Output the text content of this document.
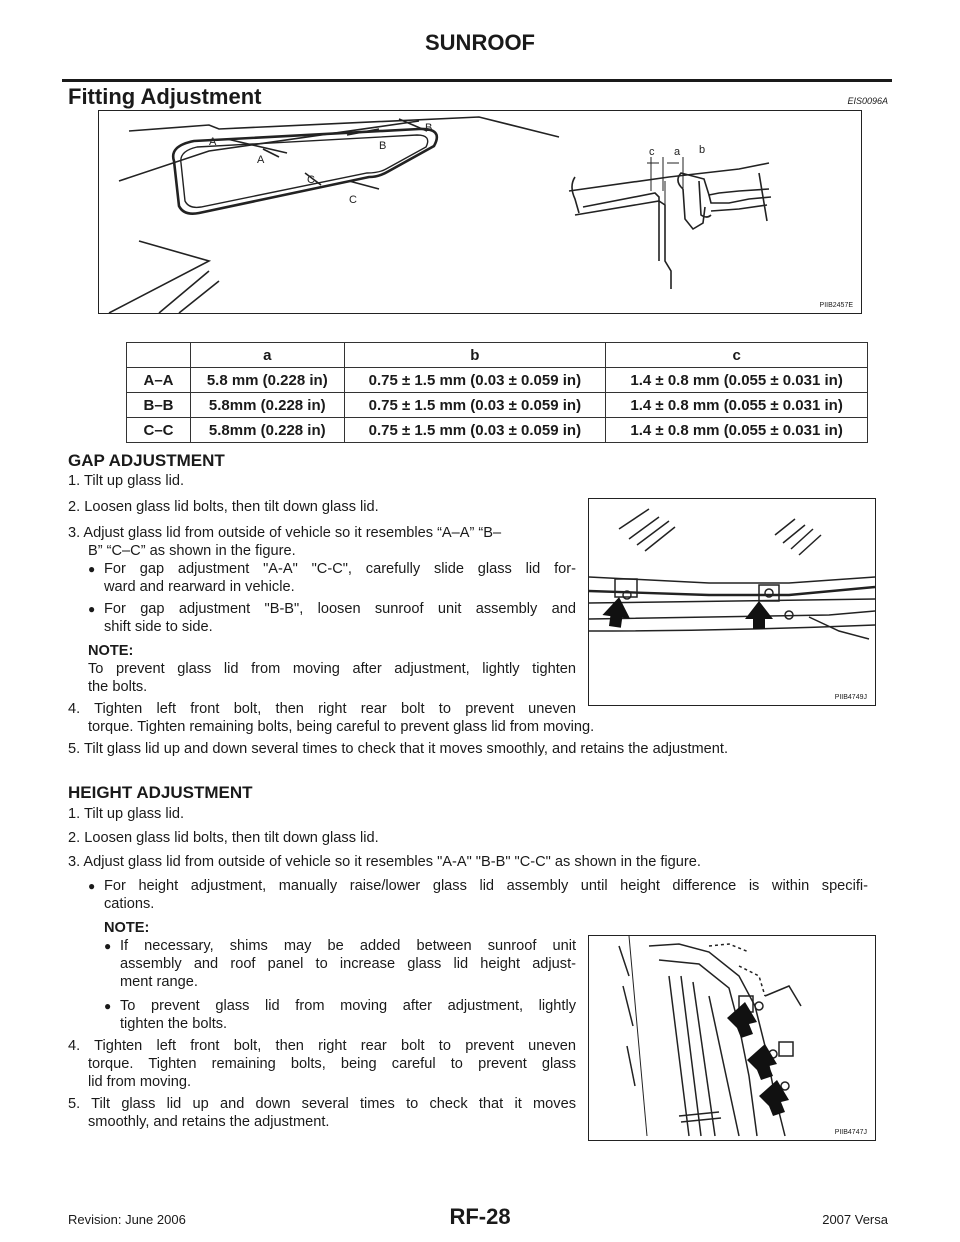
SUNROOF
Fitting Adjustment	EIS0096A
A
A
B
B
C
C
c a b
PIIB2457E
	a	b	c
A–A	5.8 mm (0.228 in)	0.75 ± 1.5 mm (0.03 ± 0.059 in)	1.4 ± 0.8 mm (0.055 ± 0.031 in)
B–B	5.8mm (0.228 in)	0.75 ± 1.5 mm (0.03 ± 0.059 in)	1.4 ± 0.8 mm (0.055 ± 0.031 in)
C–C	5.8mm (0.228 in)	0.75 ± 1.5 mm (0.03 ± 0.059 in)	1.4 ± 0.8 mm (0.055 ± 0.031 in)
GAP ADJUSTMENT
1. Tilt up glass lid.
2. Loosen glass lid bolts, then tilt down glass lid.
3. Adjust glass lid from outside of vehicle so it resembles “A–A” “B–
B” “C–C” as shown in the figure.
● For gap adjustment "A-A" "C-C", carefully slide glass lid for-
ward and rearward in vehicle.
● For gap adjustment "B-B", loosen sunroof unit assembly and
shift side to side.
NOTE:
To prevent glass lid from moving after adjustment, lightly tighten
the bolts.
4. Tighten left front bolt, then right rear bolt to prevent uneven
torque. Tighten remaining bolts, being careful to prevent glass lid from moving.
5. Tilt glass lid up and down several times to check that it moves smoothly, and retains the adjustment.
PIIB4749J
HEIGHT ADJUSTMENT
1. Tilt up glass lid.
2. Loosen glass lid bolts, then tilt down glass lid.
3. Adjust glass lid from outside of vehicle so it resembles "A-A" "B-B" "C-C" as shown in the figure.
● For height adjustment, manually raise/lower glass lid assembly until height difference is within specifi-
cations.
NOTE:
● If necessary, shims may be added between sunroof unit
assembly and roof panel to increase glass lid height adjust-
ment range.
● To prevent glass lid from moving after adjustment, lightly
tighten the bolts.
4. Tighten left front bolt, then right rear bolt to prevent uneven
torque. Tighten remaining bolts, being careful to prevent glass
lid from moving.
5. Tilt glass lid up and down several times to check that it moves
smoothly, and retains the adjustment.
PIIB4747J
Revision: June 2006	RF-28	2007 Versa
